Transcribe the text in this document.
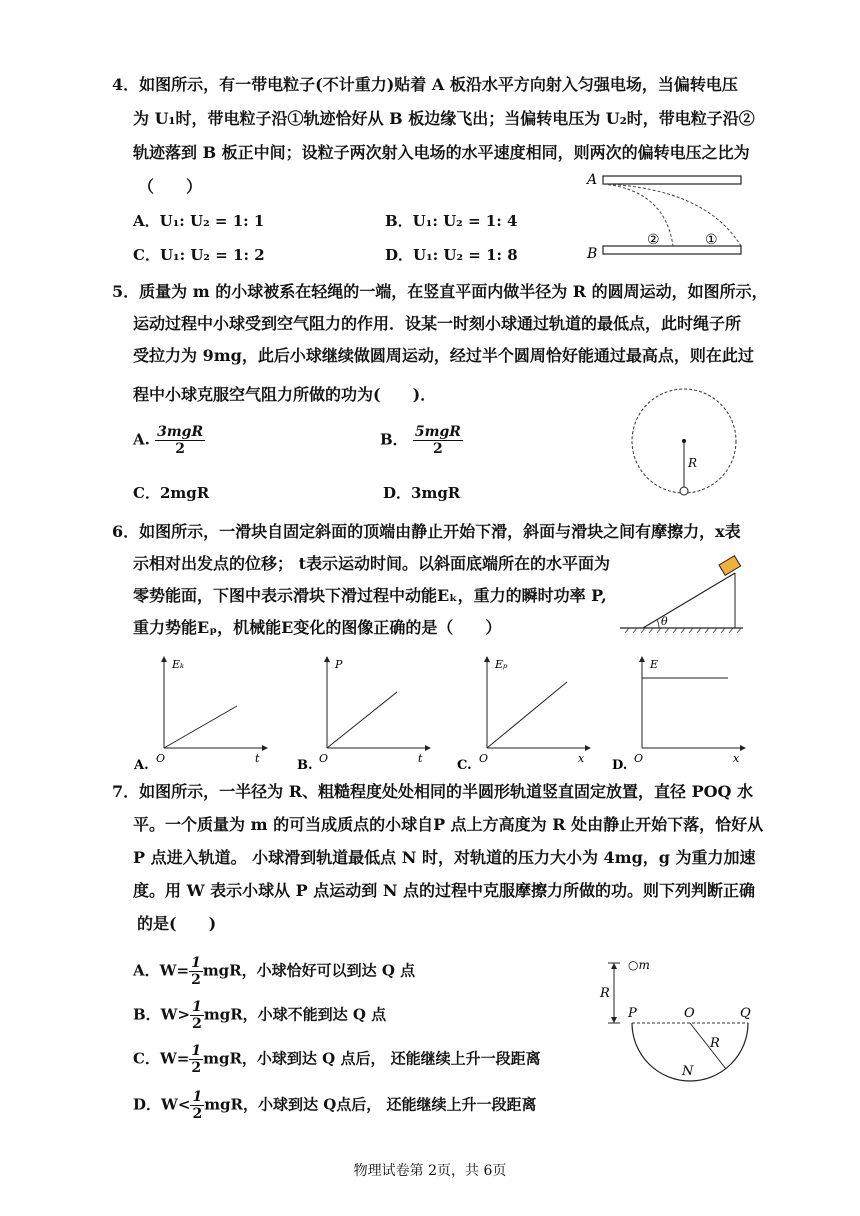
4．如图所示，有一带电粒子(不计重力)贴着 A 板沿水平方向射入匀强电场，当偏转电压
为 U₁时，带电粒子沿①轨迹恰好从 B 板边缘飞出；当偏转电压为 U₂时，带电粒子沿②
轨迹落到 B 板正中间；设粒子两次射入电场的水平速度相同，则两次的偏转电压之比为
（　　）
A．U₁: U₂ = 1: 1	B．U₁: U₂ = 1: 4
C．U₁: U₂ = 1: 2	D．U₁: U₂ = 1: 8
A
B
②	①
5．质量为 m 的小球被系在轻绳的一端，在竖直平面内做半径为 R 的圆周运动，如图所示，
运动过程中小球受到空气阻力的作用．设某一时刻小球通过轨道的最低点，此时绳子所
受拉力为 9mg，此后小球继续做圆周运动，经过半个圆周恰好能通过最高点，则在此过
程中小球克服空气阻力所做的功为(　　)．
A. $\frac{\text{3mgR}}{2}$	B． $\frac{\text{5mgR}}{2}$
C．2mgR	D．3mgR
R
6．如图所示，一滑块自固定斜面的顶端由静止开始下滑，斜面与滑块之间有摩擦力，x表
示相对出发点的位移； t表示运动时间。以斜面底端所在的水平面为
零势能面，下图中表示滑块下滑过程中动能Eₖ，重力的瞬时功率 P,
重力势能Eₚ，机械能E变化的图像正确的是（　　）	θ
Eₖ
O	t
A.
P
O	t
B.
Eₚ
O	x
C.
E
O	x
D.
7．如图所示，一半径为 R、粗糙程度处处相同的半圆形轨道竖直固定放置，直径 POQ 水
平。一个质量为 m 的可当成质点的小球自P 点上方高度为 R 处由静止开始下落，恰好从
P 点进入轨道。 小球滑到轨道最低点 N 时，对轨道的压力大小为 4mg，g 为重力加速
度。用 W 表示小球从 P 点运动到 N 点的过程中克服摩擦力所做的功。则下列判断正确
的是(　　)
A．$W= \frac{1}{2}$ mgR，小球恰好可以到达 Q 点
B．$W> \frac{1}{2}$ mgR，小球不能到达 Q 点
C．$W= \frac{1}{2}$ mgR，小球到达 Q 点后， 还能继续上升一段距离
D．$W< \frac{1}{2}$ mgR，小球到达 Q点后， 还能继续上升一段距离
○m
R
P	O	Q
R
N
物理试卷第 2页，共 6页
